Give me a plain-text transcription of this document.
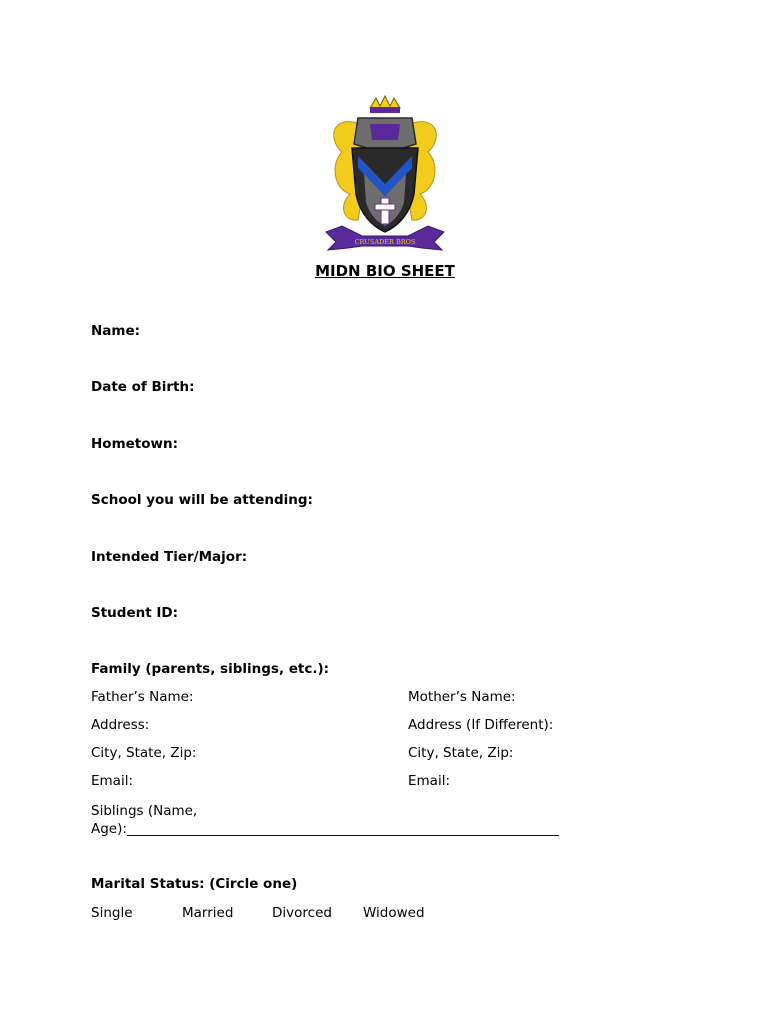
CRUSADER BROS
MIDN BIO SHEET
Name:
Date of Birth:
Hometown:
School you will be attending:
Intended Tier/Major:
Student ID:
Family (parents, siblings, etc.):
Father’s Name:	Mother’s Name:
Address:	Address (If Different):
City, State, Zip:	City, State, Zip:
Email:	Email:
Siblings (Name, Age):________________________________________________________________
Marital Status: (Circle one)
Single	Married	Divorced Widowed
